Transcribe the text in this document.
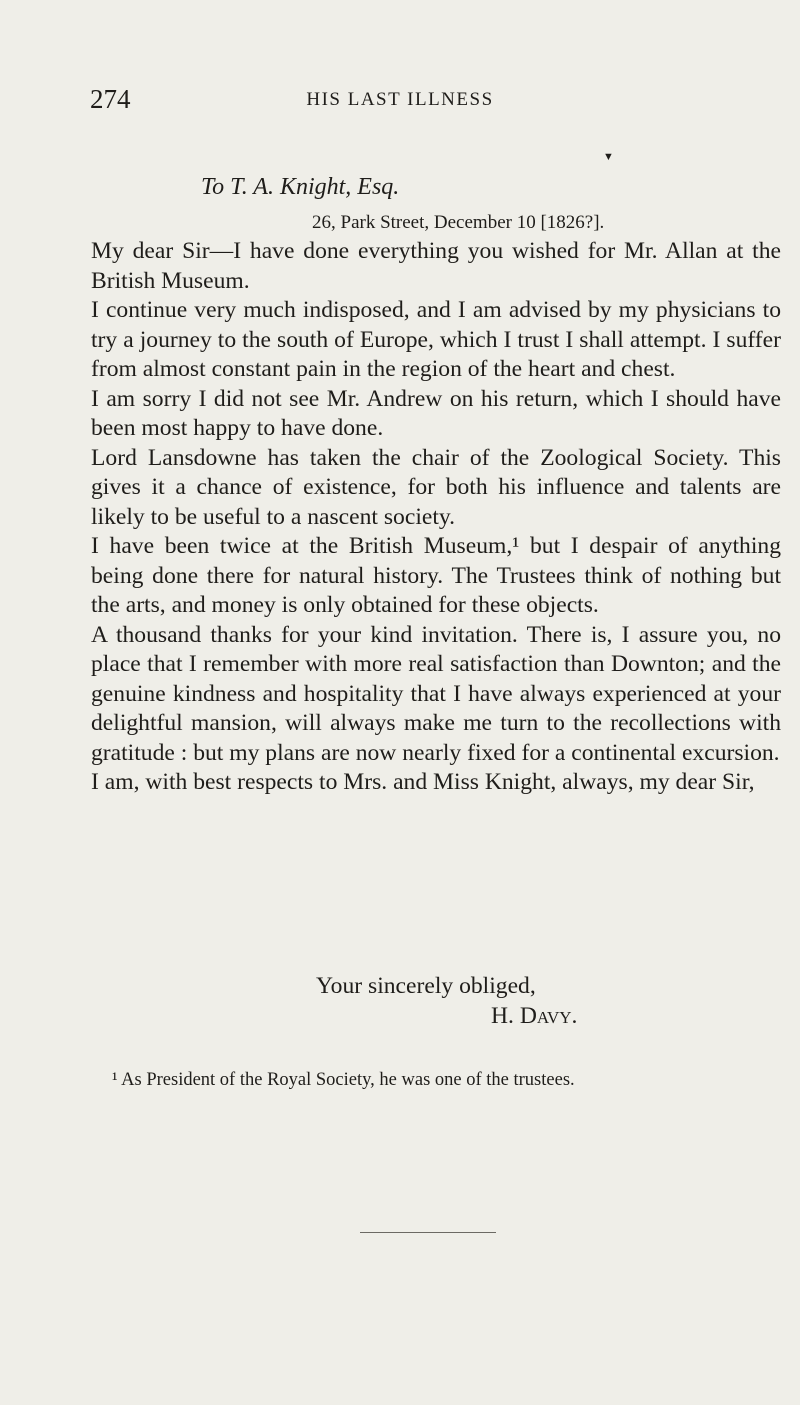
274	HIS LAST ILLNESS
▼

To T. A. Knight, Esq.

26, Park Street, December 10 [1826?].

My dear Sir—I have done everything you wished for Mr. Allan at the British Museum.

I continue very much indisposed, and I am advised by my physicians to try a journey to the south of Europe, which I trust I shall attempt. I suffer from almost constant pain in the region of the heart and chest.

I am sorry I did not see Mr. Andrew on his return, which I should have been most happy to have done.

Lord Lansdowne has taken the chair of the Zoological Society. This gives it a chance of existence, for both his influence and talents are likely to be useful to a nascent society.

I have been twice at the British Museum,¹ but I despair of anything being done there for natural history. The Trustees think of nothing but the arts, and money is only obtained for these objects.

A thousand thanks for your kind invitation. There is, I assure you, no place that I remember with more real satisfaction than Downton; and the genuine kindness and hospitality that I have always experienced at your delightful mansion, will always make me turn to the recollections with gratitude : but my plans are now nearly fixed for a continental excursion.

I am, with best respects to Mrs. and Miss Knight, always, my dear Sir,

Your sincerely obliged,

H. Davy.

¹ As President of the Royal Society, he was one of the trustees.
